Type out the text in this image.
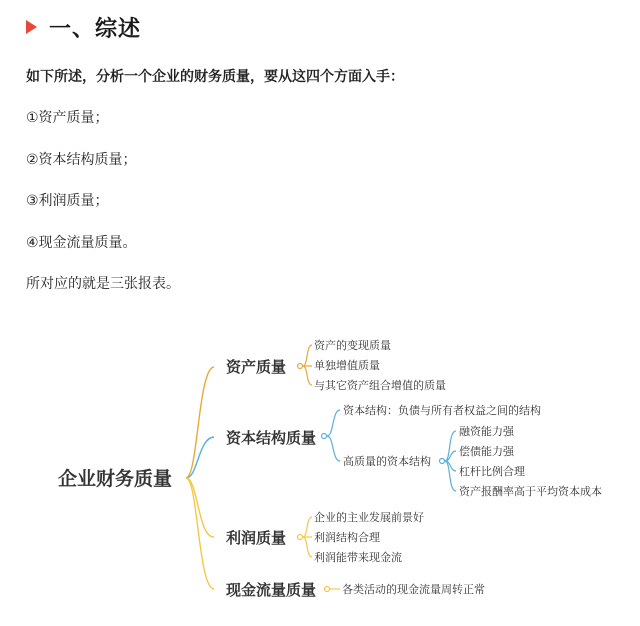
一、综述
如下所述，分析一个企业的财务质量，要从这四个方面入手：
①资产质量；
②资本结构质量；
③利润质量；
④现金流量质量。
所对应的就是三张报表。
企业财务质量
资产质量
资本结构质量
利润质量
现金流量质量
资产的变现质量
单独增值质量
与其它资产组合增值的质量
资本结构：负债与所有者权益之间的结构
高质量的资本结构
融资能力强
偿债能力强
杠杆比例合理
资产报酬率高于平均资本成本
企业的主业发展前景好
利润结构合理
利润能带来现金流
各类活动的现金流量周转正常
